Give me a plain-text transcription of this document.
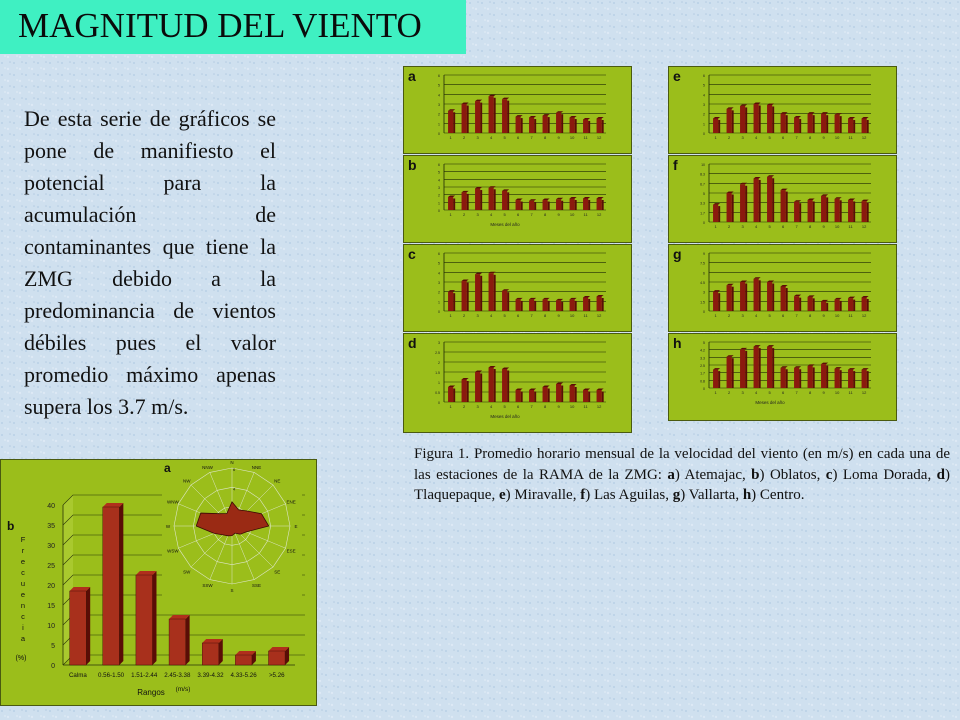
MAGNITUD DEL VIENTO
De esta serie de gráficos se pone de manifiesto el potencial para la acumulación de contaminantes que tiene la ZMG debido a la predominancia de vientos débiles pues el valor promedio máximo apenas supera los 3.7 m/s.
Figura 1. Promedio horario mensual de la velocidad del viento (en m/s) en cada una de las estaciones de la RAMA de la ZMG: a) Atemajac, b) Oblatos, c) Loma Dorada, d) Tlaquepaque, e) Miravalle, f) Las Aguilas, g) Vallarta, h) Centro.
a
0
1
2
3
4
5
6
1	2	3	4	5	6	7	8	9	10 11 12
b
0
1
2
3
4
5
6
1	2	3	4	5	6	7	8	9	10 11 12
Meses del año
c
0
1
2
3
4
5
6
1	2	3	4	5	6	7	8	9	10 11 12
d
0
0.5
1
1.5
2
2.5
3
1	2	3	4	5	6	7	8	9	10 11 12
Meses del año
e
0
1
2
3
4
5
6
1	2	3	4	5	6	7	8	9	10 11 12
f
0
1.7
3.3
5
6.7
8.3
10
1	2	3	4	5	6	7	8	9	10 11 12
g
0
1.5
3
4.5
6
7.5
9
1	2	3	4	5	6	7	8	9	10 11 12
h
0
0.8
1.7
2.5
3.3
4.2
5
1	2	3	4	5	6	7	8	9	10 11 12
Meses del año
0
5
10
15
20
25
30
35
40
Calma 0.56-1.50 1.51-2.44 2.45-3.38 3.39-4.32 4.33-5.26 >5.26
b
F
r
e
c
u
e
n
c
i
a
(%)
Rangos (m/s)
4
6
N
NNE
NE
ENE
E
ESE
SE
SSE
S
SSW
SW
WSW
W
WNW
NW
NNW
a
